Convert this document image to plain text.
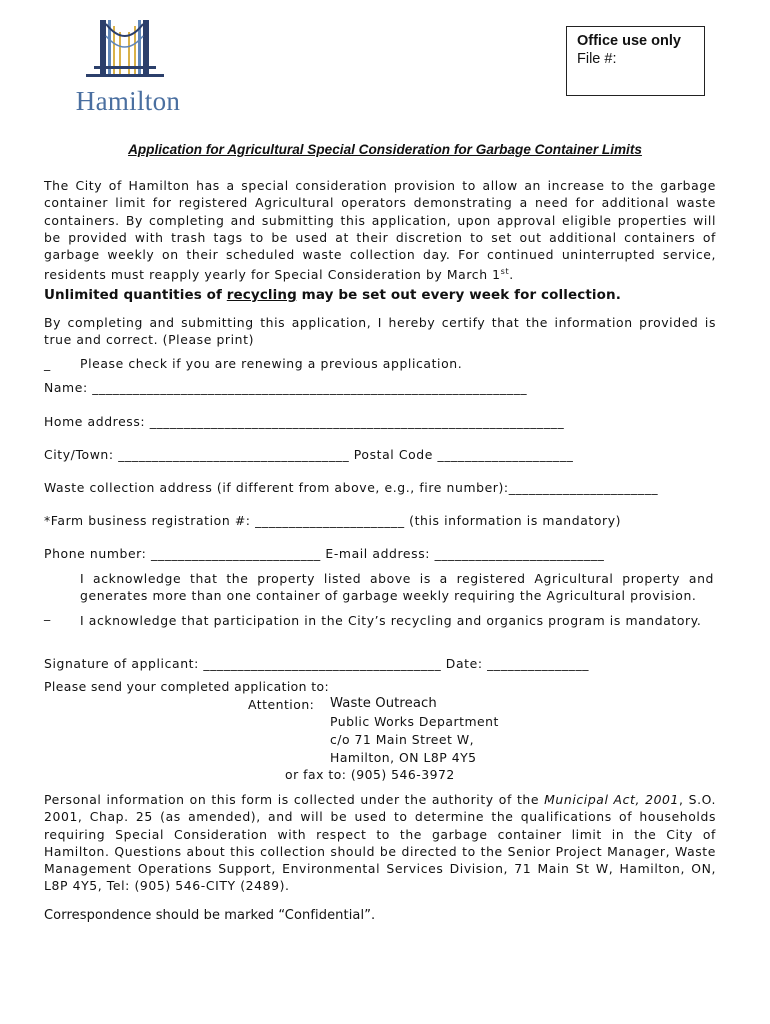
Hamilton
Office use only
File #:
Application for Agricultural Special Consideration for Garbage Container Limits
The City of Hamilton has a special consideration provision to allow an increase to the garbage container limit for registered Agricultural operators demonstrating a need for additional waste containers. By completing and submitting this application, upon approval eligible properties will be provided with trash tags to be used at their discretion to set out additional containers of garbage weekly on their scheduled waste collection day. For continued uninterrupted service, residents must reapply yearly for Special Consideration by March 1st.
Unlimited quantities of recycling may be set out every week for collection.
By completing and submitting this application, I hereby certify that the information provided is true and correct. (Please print)
_ Please check if you are renewing a previous application.
Name: ________________________________________________________________
Home address: _____________________________________________________________
City/Town: __________________________________ Postal Code ____________________
Waste collection address (if different from above, e.g., fire number):______________________
*Farm business registration #: ______________________ (this information is mandatory)
Phone number: _________________________ E-mail address: _________________________
I acknowledge that the property listed above is a registered Agricultural property and generates more than one container of garbage weekly requiring the Agricultural provision.
_ I acknowledge that participation in the City’s recycling and organics program is mandatory.
Signature of applicant: ___________________________________ Date: _______________
Please send your completed application to:
Attention: Waste Outreach
Public Works Department
c/o 71 Main Street W,
Hamilton, ON L8P 4Y5
or fax to: (905) 546-3972
Personal information on this form is collected under the authority of the Municipal Act, 2001, S.O. 2001, Chap. 25 (as amended), and will be used to determine the qualifications of households requiring Special Consideration with respect to the garbage container limit in the City of Hamilton. Questions about this collection should be directed to the Senior Project Manager, Waste Management Operations Support, Environmental Services Division, 71 Main St W, Hamilton, ON, L8P 4Y5, Tel: (905) 546-CITY (2489).
Correspondence should be marked “Confidential”.
